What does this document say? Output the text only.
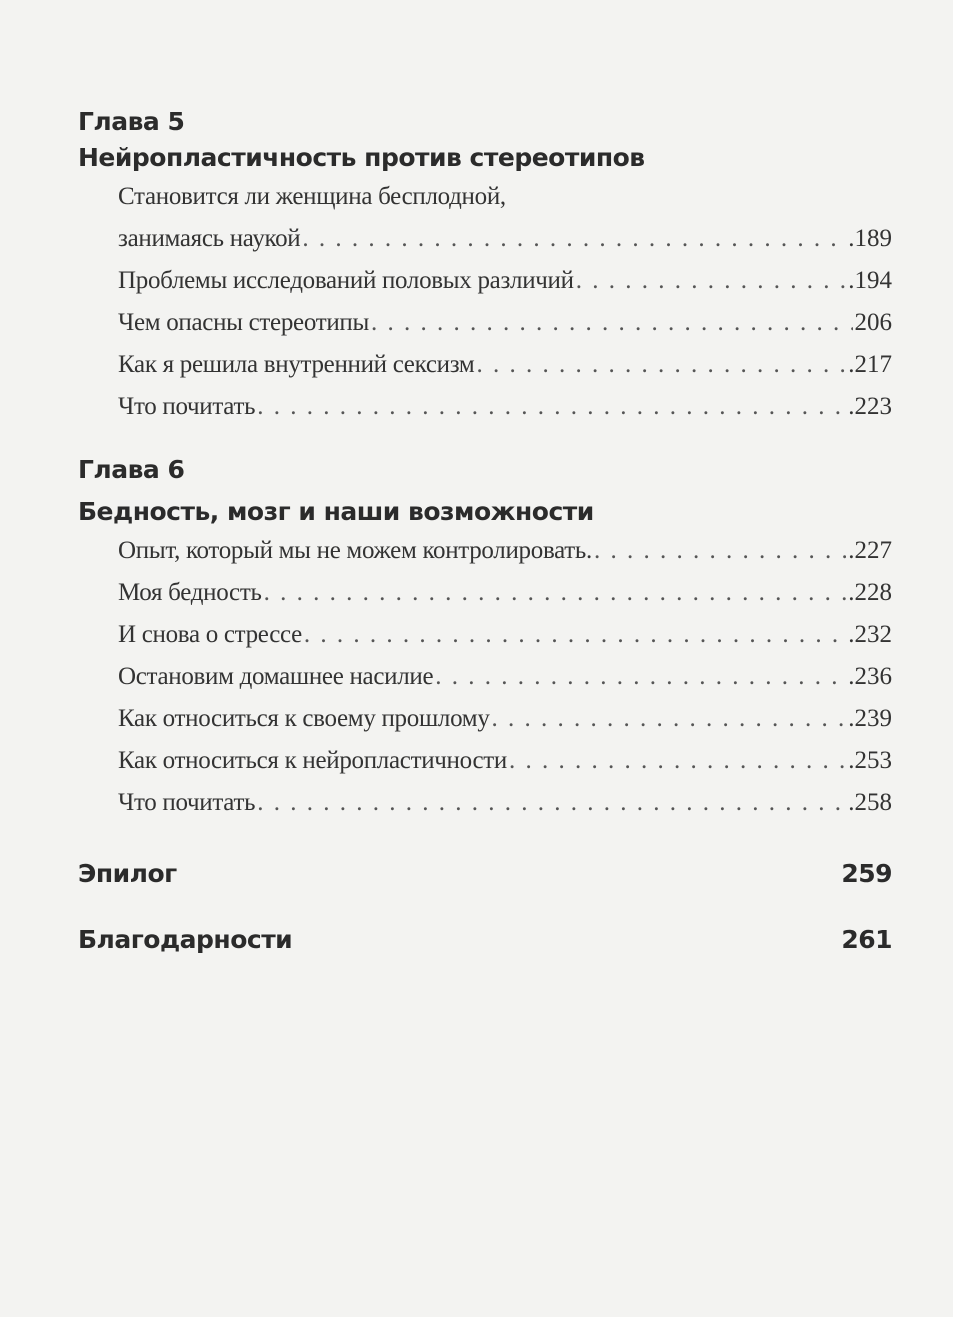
Глава 5
Нейропластичность против стереотипов
Становится ли женщина бесплодной,
занимаясь наукой . . .	.189
Проблемы исследований половых различий . . .	.194
Чем опасны стереотипы . . .	206
Как я решила внутренний сексизм . . .	.217
Что почитать . . .	.223
Глава 6
Бедность, мозг и наши возможности
Опыт, который мы не можем контролировать. . . .	.227
Моя бедность . . .	.228
И снова о стрессе . . .	.232
Остановим домашнее насилие . . .	.236
Как относиться к своему прошлому . . .	.239
Как относиться к нейропластичности . . .	.253
Что почитать . . .	.258
Эпилог	259
Благодарности	261
